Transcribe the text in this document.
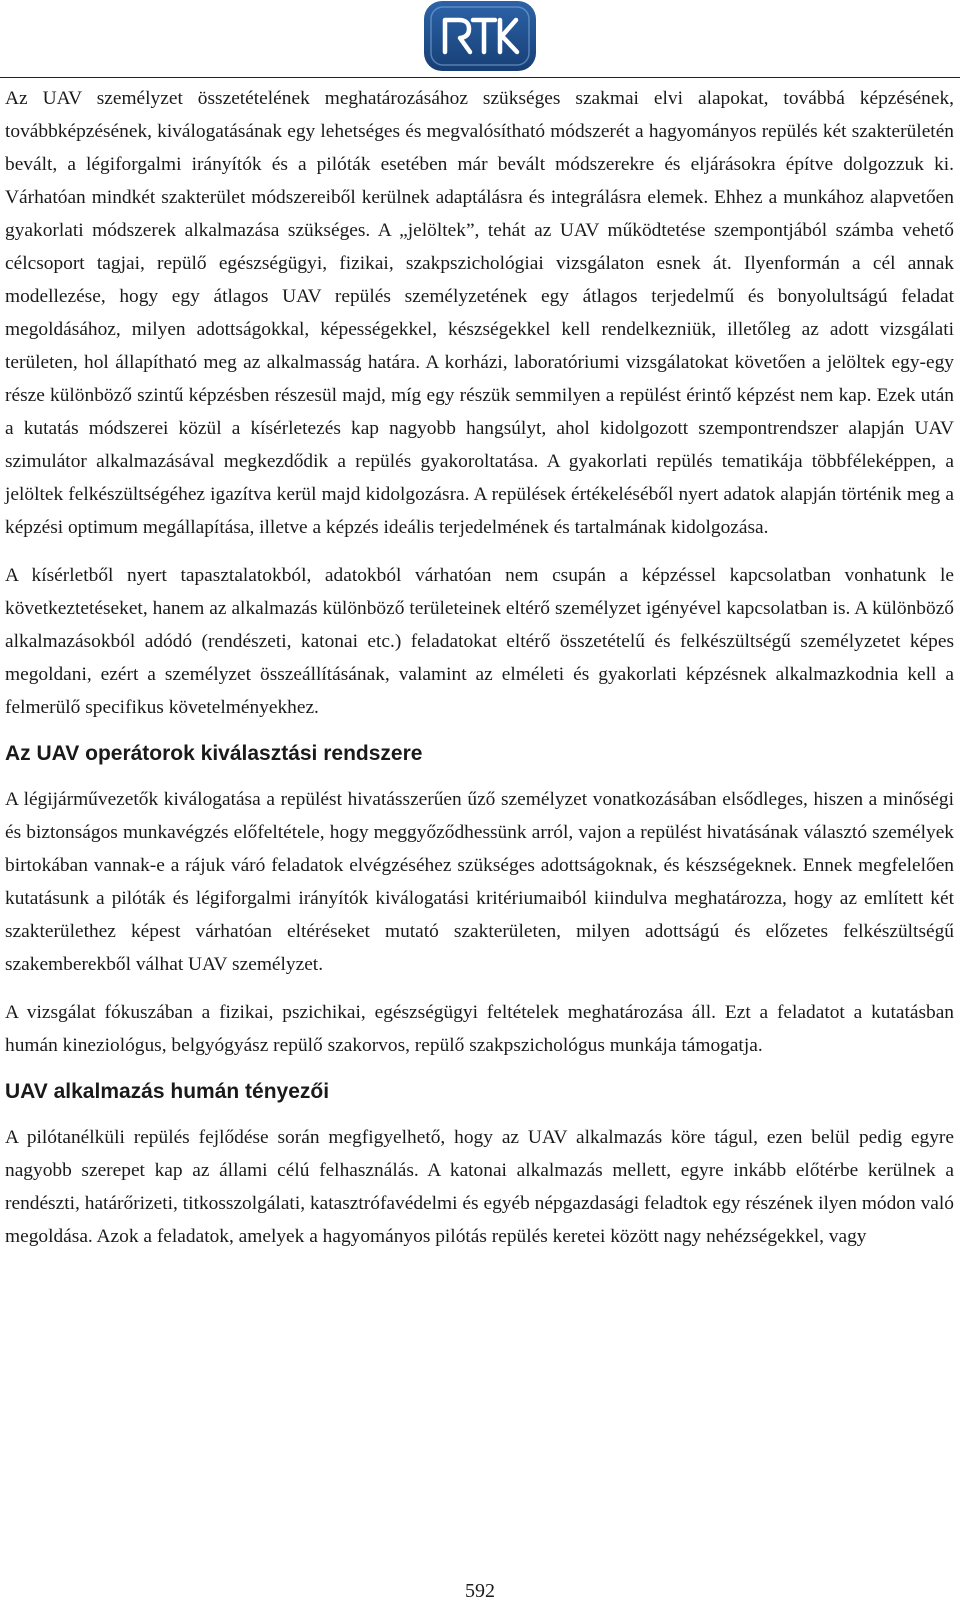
Az UAV személyzet összetételének meghatározásához szükséges szakmai elvi alapokat, továbbá képzésének, továbbképzésének, kiválogatásának egy lehetséges és megvalósítható módszerét a hagyományos repülés két szakterületén bevált, a légiforgalmi irányítók és a pilóták esetében már bevált módszerekre és eljárásokra építve dolgozzuk ki. Várhatóan mindkét szakterület módszereiből kerülnek adaptálásra és integrálásra elemek. Ehhez a munkához alapvetően gyakorlati módszerek alkalmazása szükséges. A „jelöltek”, tehát az UAV működtetése szempontjából számba vehető célcsoport tagjai, repülő egészségügyi, fizikai, szakpszichológiai vizsgálaton esnek át. Ilyenformán a cél annak modellezése, hogy egy átlagos UAV repülés személyzetének egy átlagos terjedelmű és bonyolultságú feladat megoldásához, milyen adottságokkal, képességekkel, készségekkel kell rendelkezniük, illetőleg az adott vizsgálati területen, hol állapítható meg az alkalmasság határa. A korházi, laboratóriumi vizsgálatokat követően a jelöltek egy-egy része különböző szintű képzésben részesül majd, míg egy részük semmilyen a repülést érintő képzést nem kap. Ezek után a kutatás módszerei közül a kísérletezés kap nagyobb hangsúlyt, ahol kidolgozott szempontrendszer alapján UAV szimulátor alkalmazásával megkezdődik a repülés gyakoroltatása. A gyakorlati repülés tematikája többféleképpen, a jelöltek felkészültségéhez igazítva kerül majd kidolgozásra. A repülések értékeléséből nyert adatok alapján történik meg a képzési optimum megállapítása, illetve a képzés ideális terjedelmének és tartalmának kidolgozása.

A kísérletből nyert tapasztalatokból, adatokból várhatóan nem csupán a képzéssel kapcsolatban vonhatunk le következtetéseket, hanem az alkalmazás különböző területeinek eltérő személyzet igényével kapcsolatban is. A különböző alkalmazásokból adódó (rendészeti, katonai etc.) feladatokat eltérő összetételű és felkészültségű személyzetet képes megoldani, ezért a személyzet összeállításának, valamint az elméleti és gyakorlati képzésnek alkalmazkodnia kell a felmerülő specifikus követelményekhez.

Az UAV operátorok kiválasztási rendszere

A légijárművezetők kiválogatása a repülést hivatásszerűen űző személyzet vonatkozásában elsődleges, hiszen a minőségi és biztonságos munkavégzés előfeltétele, hogy meggyőződhessünk arról, vajon a repülést hivatásának választó személyek birtokában vannak-e a rájuk váró feladatok elvégzéséhez szükséges adottságoknak, és készségeknek. Ennek megfelelően kutatásunk a pilóták és légiforgalmi irányítók kiválogatási kritériumaiból kiindulva meghatározza, hogy az említett két szakterülethez képest várhatóan eltéréseket mutató szakterületen, milyen adottságú és előzetes felkészültségű szakemberekből válhat UAV személyzet.

A vizsgálat fókuszában a fizikai, pszichikai, egészségügyi feltételek meghatározása áll. Ezt a feladatot a kutatásban humán kineziológus, belgyógyász repülő szakorvos, repülő szakpszichológus munkája támogatja.

UAV alkalmazás humán tényezői

A pilótanélküli repülés fejlődése során megfigyelhető, hogy az UAV alkalmazás köre tágul, ezen belül pedig egyre nagyobb szerepet kap az állami célú felhasználás. A katonai alkalmazás mellett, egyre inkább előtérbe kerülnek a rendészti, határőrizeti, titkosszolgálati, katasztrófavédelmi és egyéb népgazdasági feladtok egy részének ilyen módon való megoldása. Azok a feladatok, amelyek a hagyományos pilótás repülés keretei között nagy nehézségekkel, vagy

592
